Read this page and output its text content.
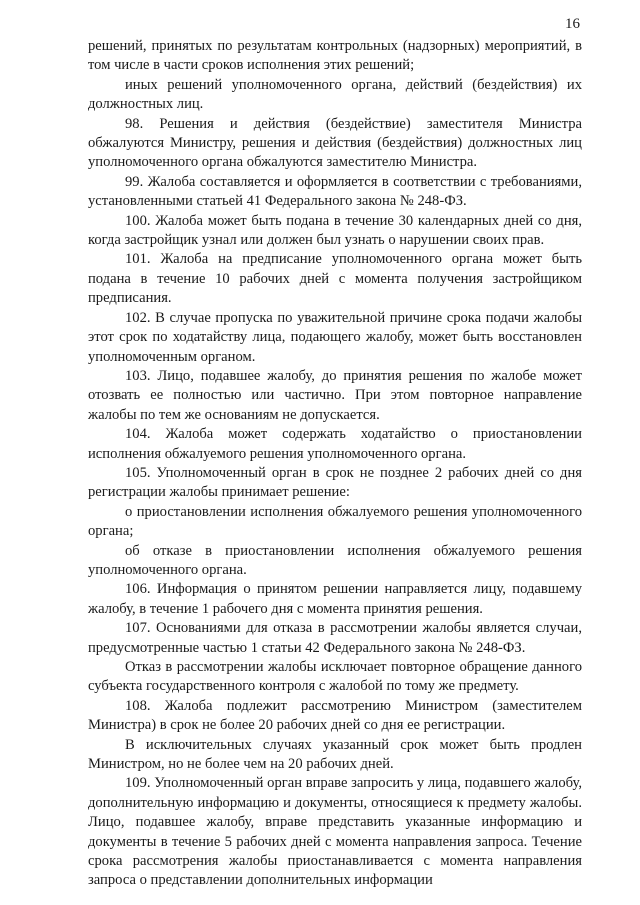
16

решений, принятых по результатам контрольных (надзорных) мероприятий, в том числе в части сроков исполнения этих решений;

иных решений уполномоченного органа, действий (бездействия) их должностных лиц.

98. Решения и действия (бездействие) заместителя Министра обжалуются Министру, решения и действия (бездействия) должностных лиц уполномоченного органа обжалуются заместителю Министра.

99. Жалоба составляется и оформляется в соответствии с требованиями, установленными статьей 41 Федерального закона № 248-ФЗ.

100. Жалоба может быть подана в течение 30 календарных дней со дня, когда застройщик узнал или должен был узнать о нарушении своих прав.

101. Жалоба на предписание уполномоченного органа может быть подана в течение 10 рабочих дней с момента получения застройщиком предписания.

102. В случае пропуска по уважительной причине срока подачи жалобы этот срок по ходатайству лица, подающего жалобу, может быть восстановлен уполномоченным органом.

103. Лицо, подавшее жалобу, до принятия решения по жалобе может отозвать ее полностью или частично. При этом повторное направление жалобы по тем же основаниям не допускается.

104. Жалоба может содержать ходатайство о приостановлении исполнения обжалуемого решения уполномоченного органа.

105. Уполномоченный орган в срок не позднее 2 рабочих дней со дня регистрации жалобы принимает решение:

о приостановлении исполнения обжалуемого решения уполномоченного органа;

об отказе в приостановлении исполнения обжалуемого решения уполномоченного органа.

106. Информация о принятом решении направляется лицу, подавшему жалобу, в течение 1 рабочего дня с момента принятия решения.

107. Основаниями для отказа в рассмотрении жалобы является случаи, предусмотренные частью 1 статьи 42 Федерального закона № 248-ФЗ.

Отказ в рассмотрении жалобы исключает повторное обращение данного субъекта государственного контроля с жалобой по тому же предмету.

108. Жалоба подлежит рассмотрению Министром (заместителем Министра) в срок не более 20 рабочих дней со дня ее регистрации.

В исключительных случаях указанный срок может быть продлен Министром, но не более чем на 20 рабочих дней.

109. Уполномоченный орган вправе запросить у лица, подавшего жалобу, дополнительную информацию и документы, относящиеся к предмету жалобы. Лицо, подавшее жалобу, вправе представить указанные информацию и документы в течение 5 рабочих дней с момента направления запроса. Течение срока рассмотрения жалобы приостанавливается с момента направления запроса о представлении дополнительных информации
